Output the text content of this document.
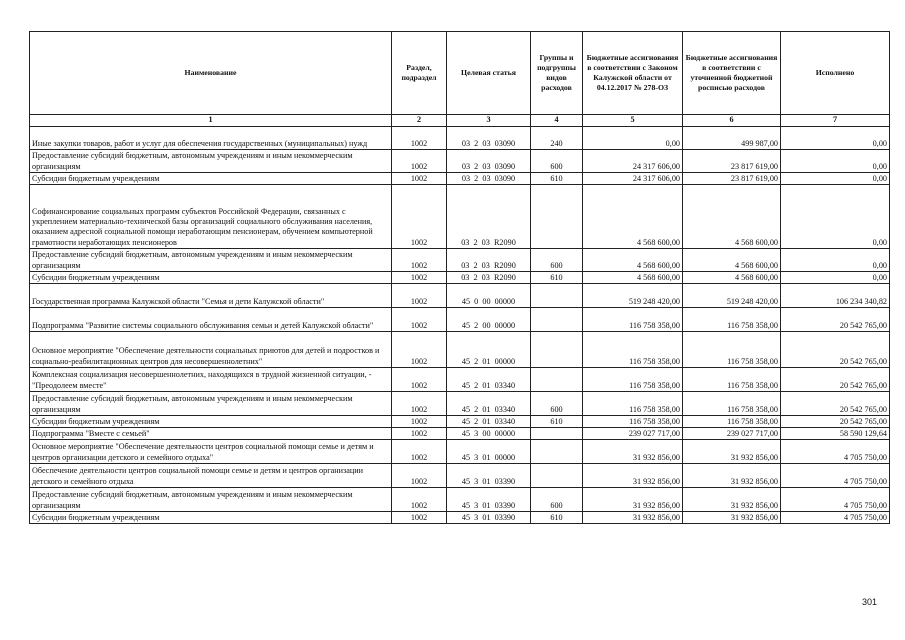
Наименование	Раздел, подраздел	Целевая статья	Группы и подгруппы видов расходов	Бюджетные ассигнования в соответствии с Законом Калужской области от 04.12.2017 № 278-ОЗ	Бюджетные ассигнования в соответствии с уточненной бюджетной росписью расходов	Исполнено
1	2	3	4	5	6	7
Иные закупки товаров, работ и услуг для обеспечения государственных (муниципальных) нужд	1002	03  2  03  03090	240	0,00	499 987,00	0,00
Предоставление субсидий бюджетным, автономным учреждениям и иным некоммерческим организациям	1002	03  2  03  03090	600	24 317 606,00	23 817 619,00	0,00
Субсидии бюджетным учреждениям	1002	03  2  03  03090	610	24 317 606,00	23 817 619,00	0,00
Софинансирование социальных программ субъектов Российской Федерации, связанных с укреплением материально-технической базы организаций социального обслуживания населения, оказанием адресной социальной помощи неработающим пенсионерам, обучением компьютерной грамотности неработающих пенсионеров	1002	03  2  03  R2090		4 568 600,00	4 568 600,00	0,00
Предоставление субсидий бюджетным, автономным учреждениям и иным некоммерческим организациям	1002	03  2  03  R2090	600	4 568 600,00	4 568 600,00	0,00
Субсидии бюджетным учреждениям	1002	03  2  03  R2090	610	4 568 600,00	4 568 600,00	0,00
Государственная программа Калужской области "Семья и дети Калужской области"	1002	45  0  00  00000		519 248 420,00	519 248 420,00	106 234 340,82
Подпрограмма "Развитие системы социального обслуживания семьи и детей Калужской области"	1002	45  2  00  00000		116 758 358,00	116 758 358,00	20 542 765,00
Основное мероприятие "Обеспечение деятельности социальных приютов для детей и подростков и социально-реабилитационных центров для несовершеннолетних"	1002	45  2  01  00000		116 758 358,00	116 758 358,00	20 542 765,00
Комплексная социализация несовершеннолетних, находящихся в трудной жизненной ситуации, - "Преодолеем вместе"	1002	45  2  01  03340		116 758 358,00	116 758 358,00	20 542 765,00
Предоставление субсидий бюджетным, автономным учреждениям и иным некоммерческим организациям	1002	45  2  01  03340	600	116 758 358,00	116 758 358,00	20 542 765,00
Субсидии бюджетным учреждениям	1002	45  2  01  03340	610	116 758 358,00	116 758 358,00	20 542 765,00
Подпрограмма "Вместе с семьей"	1002	45  3  00  00000		239 027 717,00	239 027 717,00	58 590 129,64
Основное мероприятие "Обеспечение деятельности центров социальной помощи семье и детям и центров организации детского и семейного отдыха"	1002	45  3  01  00000		31 932 856,00	31 932 856,00	4 705 750,00
Обеспечение деятельности центров социальной помощи семье и детям и центров организации детского и семейного отдыха	1002	45  3  01  03390		31 932 856,00	31 932 856,00	4 705 750,00
Предоставление субсидий бюджетным, автономным учреждениям и иным некоммерческим организациям	1002	45  3  01  03390	600	31 932 856,00	31 932 856,00	4 705 750,00
Субсидии бюджетным учреждениям	1002	45  3  01  03390	610	31 932 856,00	31 932 856,00	4 705 750,00
301
